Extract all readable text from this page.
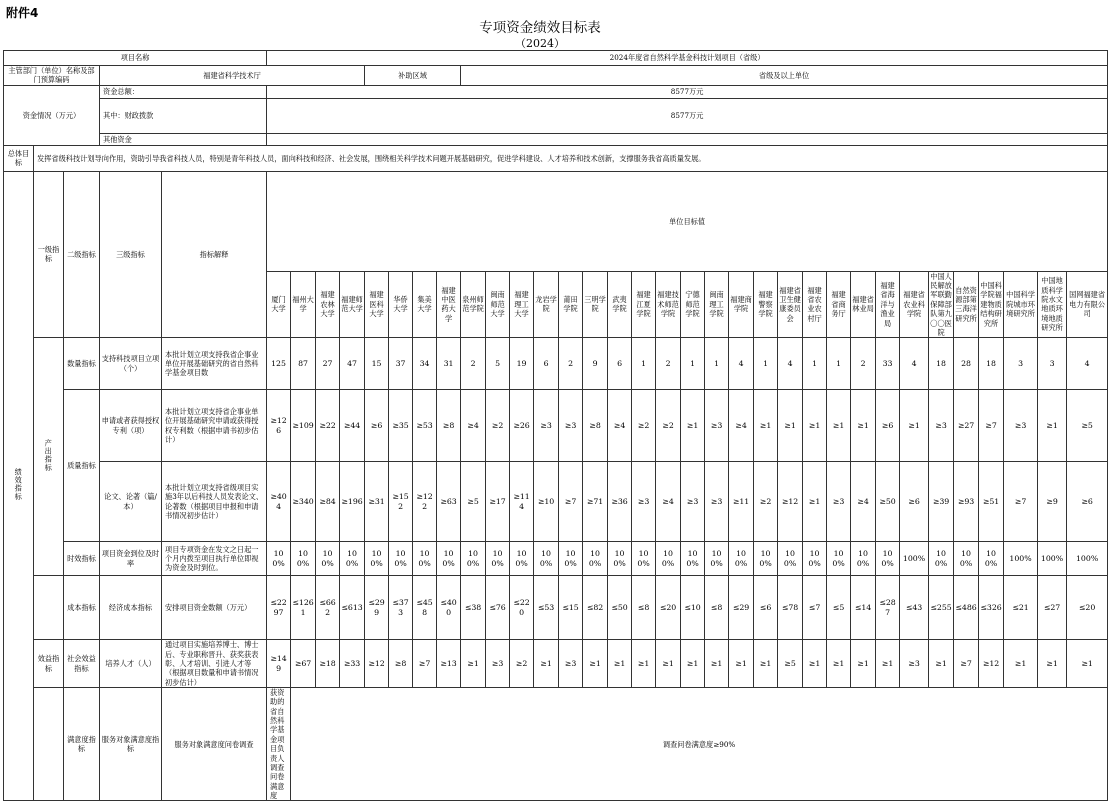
附件4
专项资金绩效目标表
（2024）
项目名称					2024年度省自然科学基金科技计划项目（省级）																																
主管部门（单位）名称及部门预算编码			福建省科学技术厅						补助区域				省级及以上单位																								
资金情况（万元）			资金总额：		8577万元																																
			其中：财政拨款		8577万元																																

			其他资金																																		
总体目标	发挥省级科技计划导向作用，资助引导我省科技人员，特别是青年科技人员，面向科技和经济、社会发展，围绕相关科学技术问题开展基础研究，促进学科建设、人才培养和技术创新，支撑服务我省高质量发展。																																				
绩效指标	一级指标	二级指标	三级指标	指标解释	单位目标值																																
					厦门大学	福州大学	福建农林大学	福建师范大学	福建医科大学	华侨大学	集美大学	福建中医药大学	泉州师范学院	闽南师范大学	福建理工大学	龙岩学院	莆田学院	三明学院	武夷学院	福建江夏学院	福建技术师范学院	宁德师范学院	闽南理工学院	福建商学院	福建警察学院	福建省卫生健康委员会	福建省农业农村厅	福建省商务厅	福建省林业局	福建省海洋与渔业局	福建省农业科学院	中国人民解放军联勤保障部队第九〇〇医院	自然资源部第三海洋研究所	中国科学院福建物质结构研究所	中国科学院城市环境研究所	中国地质科学院水文地质环境地质研究所	国网福建省电力有限公司
	产出指标	数量指标	支持科技项目立项（个）	本批计划立项支持我省企事业单位开展基础研究的省自然科学基金项目数	125	87	27	47	15	37	34	31	2	5	19	6	2	9	6	1	2	1	1	4	1	4	1	1	2	33	4	18	28	18	3	3	4
		质量指标	申请或者获得授权专利（项）	本批计划立项支持省企事业单位开展基础研究申请或获得授权专利数（根据申请书初步估计）	≥126	≥109	≥22	≥44	≥6	≥35	≥53	≥8	≥4	≥2	≥26	≥3	≥3	≥8	≥4	≥2	≥2	≥1	≥3	≥4	≥1	≥1	≥1	≥1	≥1	≥6	≥1	≥3	≥27	≥7	≥3	≥1	≥5
			论文、论著（篇/本）	本批计划立项支持省级项目实施3年以后科技人员发表论文、论著数（根据项目申报和申请书情况初步估计）	≥404	≥340	≥84	≥196	≥31	≥152	≥122	≥63	≥5	≥17	≥114	≥10	≥7	≥71	≥36	≥3	≥4	≥3	≥3	≥11	≥2	≥12	≥1	≥3	≥4	≥50	≥6	≥39	≥93	≥51	≥7	≥9	≥6
		时效指标	项目资金到位及时率	项目专项资金在发文之日起一个月内拨至项目执行单位即视为资金及时到位。	100%	100%	100%	100%	100%	100%	100%	100%	100%	100%	100%	100%	100%	100%	100%	100%	100%	100%	100%	100%	100%	100%	100%	100%	100%	100%	100%	100%	100%	100%	100%	100%	100%
		成本指标	经济成本指标	安排项目资金数额（万元）	≤2297	≤1261	≤662	≤613	≤299	≤373	≤458	≤400	≤38	≤76	≤220	≤53	≤15	≤82	≤50	≤8	≤20	≤10	≤8	≤29	≤6	≤78	≤7	≤5	≤14	≤287	≤43	≤255	≤486	≤326	≤21	≤27	≤20
	效益指标	社会效益指标	培养人才（人）	通过项目实施培养博士、博士后、专业职称晋升、获奖获表彰、人才培训、引进人才等（根据项目数量和申请书情况初步估计）	≥149	≥67	≥18	≥33	≥12	≥8	≥7	≥13	≥1	≥3	≥2	≥1	≥3	≥1	≥1	≥1	≥1	≥1	≥1	≥1	≥1	≥5	≥1	≥1	≥1	≥1	≥3	≥1	≥7	≥12	≥1	≥1	≥1
		满意度指标	服务对象满意度指标	服务对象满意度问卷调查	获资助的省自然科学基金项目负责人调查问卷满意度	调查问卷满意度≥90%																															
